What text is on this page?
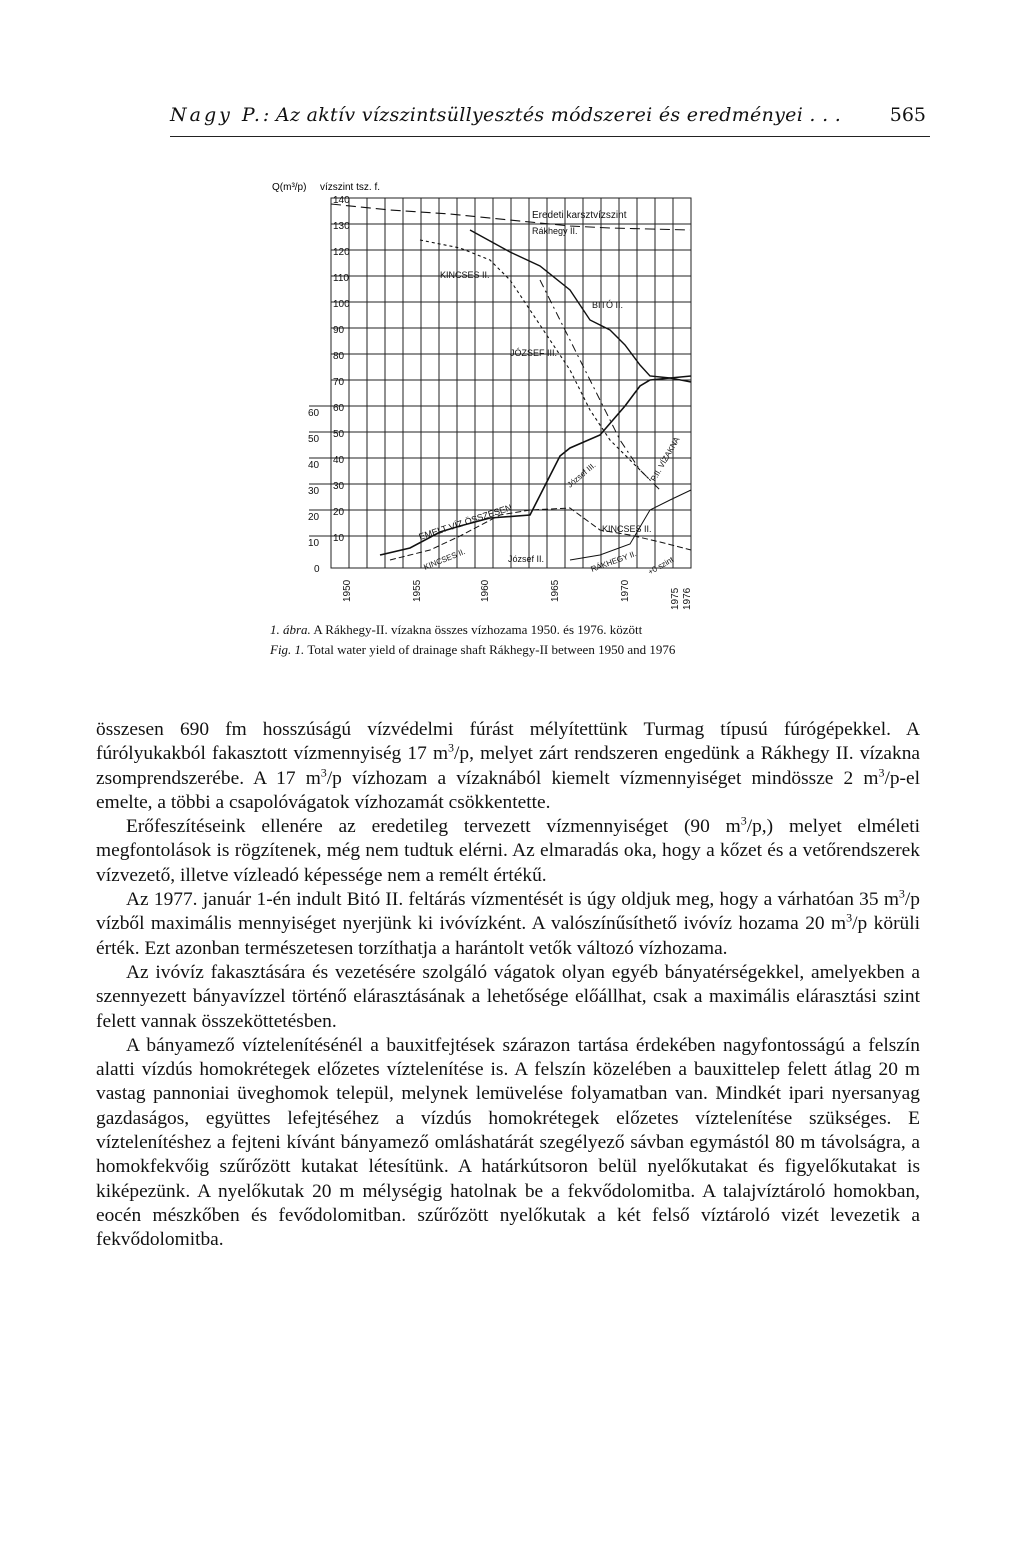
Nagy P.: Az aktív vízszintsüllyesztés módszerei és eredményei . . .	565
Q(m³/p) vízszint tsz. f.
140
130
120
110
100
90
80
70
60
50
40
30
20
10
60
50
40
30
20
10
0
1950	1955	1960	1965	1970	1975 1976
Eredeti karsztvízszint
Rákhegy II.
KINCSES II.
BITÓ II.
JÓZSEF III.
EMELT VÍZ ÖSSZESEN
KINCSES II.	József II.
József III.
KINCSES II.
RÁKHEGY II. +0 szint
P.II. VÍZAKNA
1. ábra. A Rákhegy-II. vízakna összes vízhozama 1950. és 1976. között
Fig. 1. Total water yield of drainage shaft Rákhegy-II between 1950 and 1976

összesen 690 fm hosszúságú vízvédelmi fúrást mélyítettünk Turmag típusú fúrógépekkel. A fúrólyukakból fakasztott vízmennyiség 17 $m^3/p$, melyet zárt rendszeren engedünk a Rákhegy II. vízakna zsomprendszerébe. A 17 $m^3/p$ vízhozam a vízaknából kiemelt vízmennyiséget mindössze 2 $m^3/p-el$ emelte, a többi a csapolóvágatok vízhozamát csökkentette.

Erőfeszítéseink ellenére az eredetileg tervezett vízmennyiséget (90 $m^3/p$,) melyet elméleti megfontolások is rögzítenek, még nem tudtuk elérni. Az elmaradás oka, hogy a kőzet és a vetőrendszerek vízvezető, illetve vízleadó képessége nem a remélt értékű.

Az 1977. január 1-én indult Bitó II. feltárás vízmentését is úgy oldjuk meg, hogy a várhatóan 35 $m^3/p$ vízből maximális mennyiséget nyerjünk ki ivóvízként. A valószínűsíthető ivóvíz hozama 20 $m^3/p$ körüli érték. Ezt azonban természetesen torzíthatja a harántolt vetők változó vízhozama.

Az ivóvíz fakasztására és vezetésére szolgáló vágatok olyan egyéb bányatérségekkel, amelyekben a szennyezett bányavízzel történő elárasztásának a lehetősége előállhat, csak a maximális elárasztási szint felett vannak összeköttetésben.

A bányamező víztelenítésénél a bauxitfejtések szárazon tartása érdekében nagyfontosságú a felszín alatti vízdús homokrétegek előzetes víztelenítése is. A felszín közelében a bauxittelep felett átlag 20 m vastag pannoniai üveghomok települ, melynek lemüvelése folyamatban van. Mindkét ipari nyersanyag gazdaságos, együttes lefejtéséhez a vízdús homokrétegek előzetes víztelenítése szükséges. E víztelenítéshez a fejteni kívánt bányamező omláshatárát szegélyező sávban egymástól 80 m távolságra, a homokfekvőig szűrőzött kutakat létesítünk. A határkútsoron belül nyelőkutakat és figyelőkutakat is kiképezünk. A nyelőkutak 20 m mélységig hatolnak be a fekvődolomitba. A talajvíztároló homokban, eocén mészkőben és fevődolomitban. szűrőzött nyelőkutak a két felső víztároló vizét levezetik a fekvődolomitba.
